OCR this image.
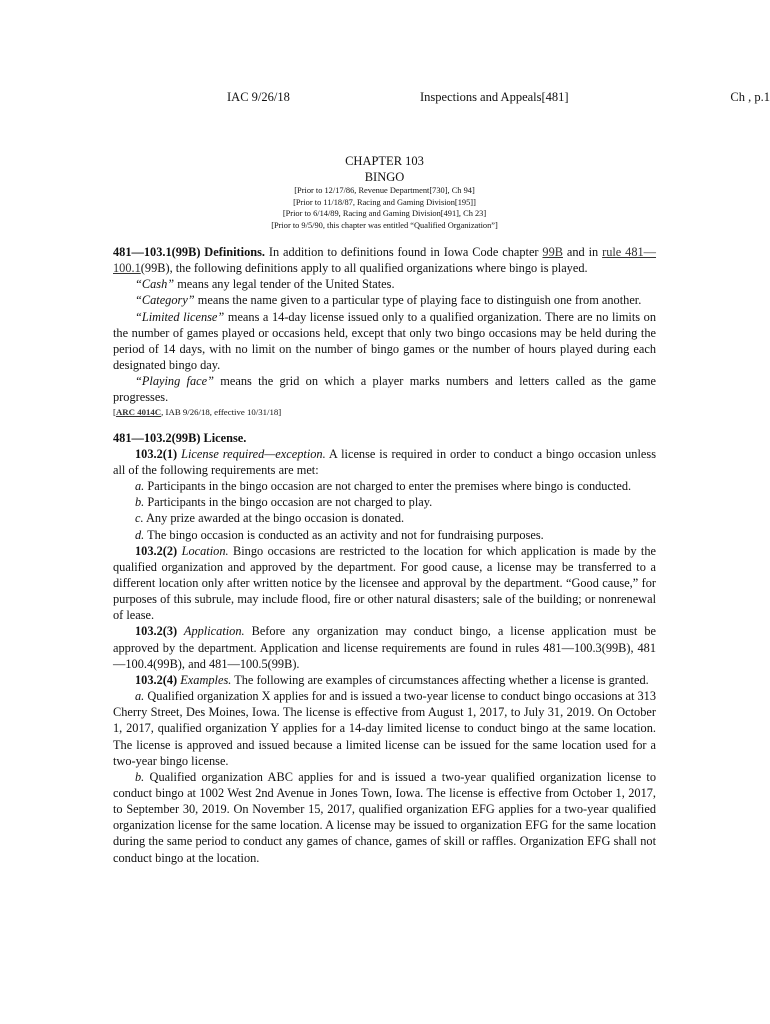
IAC 9/26/18	Inspections and Appeals[481]	Ch , p.1
CHAPTER 103
BINGO
[Prior to 12/17/86, Revenue Department[730], Ch 94]
[Prior to 11/18/87, Racing and Gaming Division[195]]
[Prior to 6/14/89, Racing and Gaming Division[491], Ch 23]
[Prior to 9/5/90, this chapter was entitled “Qualified Organization”]

481—103.1(99B) Definitions. In addition to definitions found in Iowa Code chapter 99B and in rule 481—100.1(99B), the following definitions apply to all qualified organizations where bingo is played.

“Cash” means any legal tender of the United States.

“Category” means the name given to a particular type of playing face to distinguish one from another.

“Limited license” means a 14-day license issued only to a qualified organization. There are no limits on the number of games played or occasions held, except that only two bingo occasions may be held during the period of 14 days, with no limit on the number of bingo games or the number of hours played during each designated bingo day.

“Playing face” means the grid on which a player marks numbers and letters called as the game progresses.

[ARC 4014C, IAB 9/26/18, effective 10/31/18]

481—103.2(99B) License.

103.2(1) License required—exception. A license is required in order to conduct a bingo occasion unless all of the following requirements are met:

a. Participants in the bingo occasion are not charged to enter the premises where bingo is conducted.

b. Participants in the bingo occasion are not charged to play.

c. Any prize awarded at the bingo occasion is donated.

d. The bingo occasion is conducted as an activity and not for fundraising purposes.

103.2(2) Location. Bingo occasions are restricted to the location for which application is made by the qualified organization and approved by the department. For good cause, a license may be transferred to a different location only after written notice by the licensee and approval by the department. “Good cause,” for purposes of this subrule, may include flood, fire or other natural disasters; sale of the building; or nonrenewal of lease.

103.2(3) Application. Before any organization may conduct bingo, a license application must be approved by the department. Application and license requirements are found in rules 481—100.3(99B), 481—100.4(99B), and 481—100.5(99B).

103.2(4) Examples. The following are examples of circumstances affecting whether a license is granted.

a. Qualified organization X applies for and is issued a two-year license to conduct bingo occasions at 313 Cherry Street, Des Moines, Iowa. The license is effective from August 1, 2017, to July 31, 2019. On October 1, 2017, qualified organization Y applies for a 14-day limited license to conduct bingo at the same location. The license is approved and issued because a limited license can be issued for the same location used for a two-year bingo license.

b. Qualified organization ABC applies for and is issued a two-year qualified organization license to conduct bingo at 1002 West 2nd Avenue in Jones Town, Iowa. The license is effective from October 1, 2017, to September 30, 2019. On November 15, 2017, qualified organization EFG applies for a two-year qualified organization license for the same location. A license may be issued to organization EFG for the same location during the same period to conduct any games of chance, games of skill or raffles. Organization EFG shall not conduct bingo at the location.
